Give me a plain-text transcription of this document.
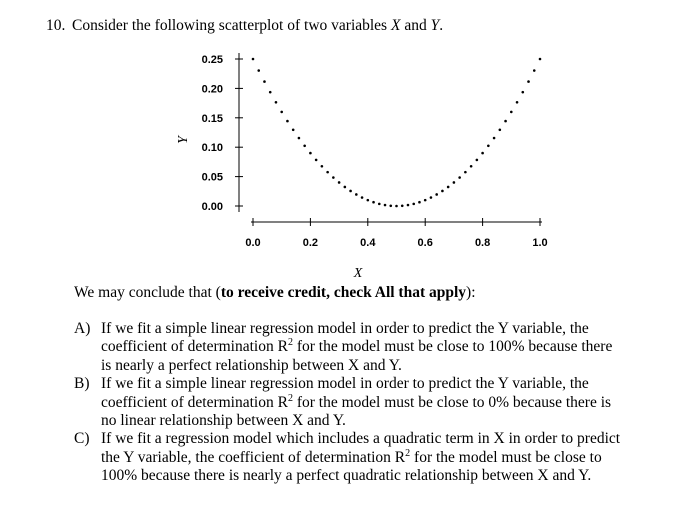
10. Consider the following scatterplot of two variables X and Y.
0.25
0.20
0.15
0.10
0.05
0.00
0.0	0.2	0.4	0.6	0.8	1.0
X
Y
We may conclude that (to receive credit, check All that apply):
A) If we fit a simple linear regression model in order to predict the Y variable, the
coefficient of determination $R^2$ for the model must be close to 100% because there
is nearly a perfect relationship between X and Y.
B) If we fit a simple linear regression model in order to predict the Y variable, the
coefficient of determination $R^2$ for the model must be close to 0% because there is
no linear relationship between X and Y.
C) If we fit a regression model which includes a quadratic term in X in order to predict
the Y variable, the coefficient of determination $R^2$ for the model must be close to
100% because there is nearly a perfect quadratic relationship between X and Y.
